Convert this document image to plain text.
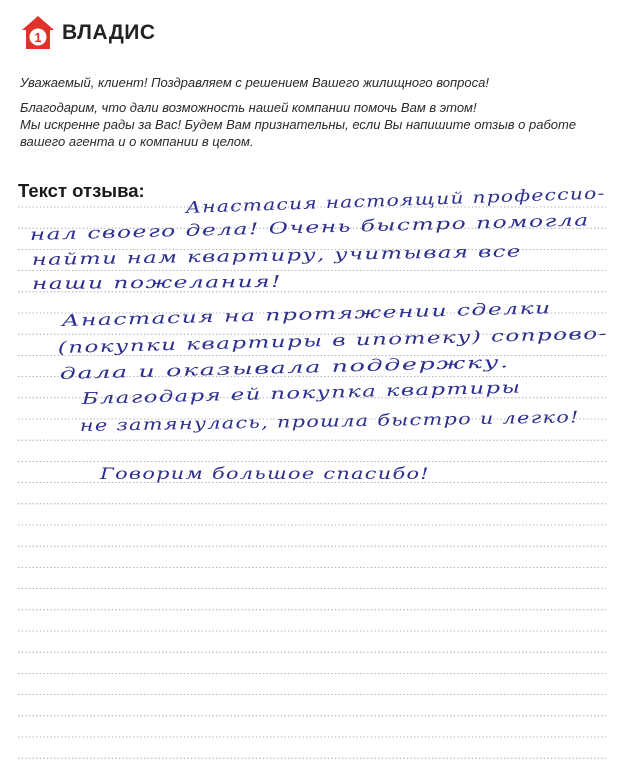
1 ВЛАДИС

Уважаемый, клиент! Поздравляем с решением Вашего жилищного вопроса!

Благодарим, что дали возможность нашей компании помочь Вам в этом!

Мы искренне рады за Вас! Будем Вам признательны, если Вы напишите отзыв о работе

вашего агента и о компании в целом.

Текст отзыва:	Анастасия настоящий профессио-
нал своего дела! Очень быстро помогла
найти нам квартиру, учитывая все
наши пожелания!
Анастасия на протяжении сделки
(покупки квартиры в ипотеку) сопрово-
дала и оказывала поддержку.
Благодаря ей покупка квартиры
не затянулась, прошла быстро и легко!
Говорим большое спасибо!
